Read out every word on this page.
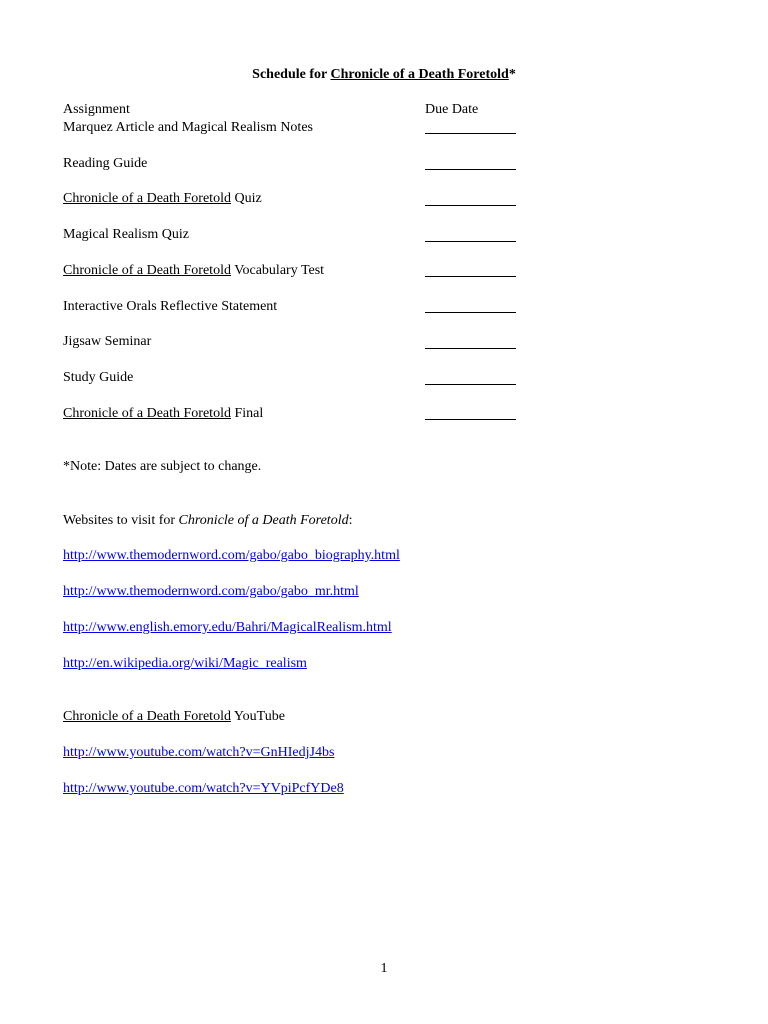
Schedule for Chronicle of a Death Foretold*
Assignment	Due Date
Marquez Article and Magical Realism Notes
Reading Guide
Chronicle of a Death Foretold Quiz
Magical Realism Quiz
Chronicle of a Death Foretold Vocabulary Test
Interactive Orals Reflective Statement
Jigsaw Seminar
Study Guide
Chronicle of a Death Foretold Final
*Note: Dates are subject to change.
Websites to visit for Chronicle of a Death Foretold:
http://www.themodernword.com/gabo/gabo_biography.html
http://www.themodernword.com/gabo/gabo_mr.html
http://www.english.emory.edu/Bahri/MagicalRealism.html
http://en.wikipedia.org/wiki/Magic_realism
Chronicle of a Death Foretold YouTube
http://www.youtube.com/watch?v=GnHIedjJ4bs
http://www.youtube.com/watch?v=YVpiPcfYDe8
1
